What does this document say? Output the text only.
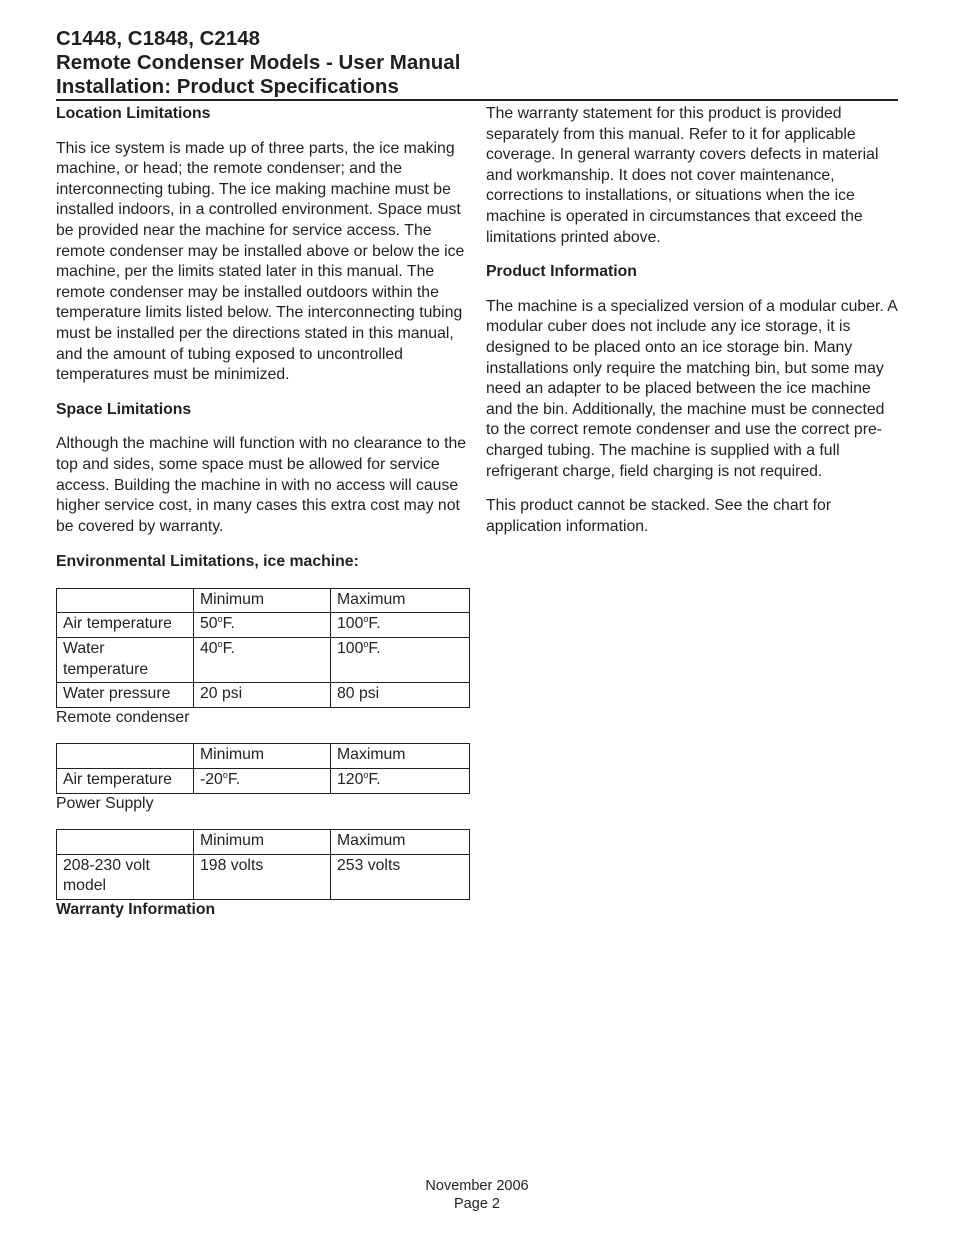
C1448, C1848, C2148
Remote Condenser Models - User Manual
Installation: Product Specifications

Location Limitations

This ice system is made up of three parts, the ice making machine, or head; the remote condenser; and the interconnecting tubing. The ice making machine must be installed indoors, in a controlled environment. Space must be provided near the machine for service access. The remote condenser may be installed above or below the ice machine, per the limits stated later in this manual. The remote condenser may be installed outdoors within the temperature limits listed below. The interconnecting tubing must be installed per the directions stated in this manual, and the amount of tubing exposed to uncontrolled temperatures must be minimized.

Space Limitations

Although the machine will function with no clearance to the top and sides, some space must be allowed for service access. Building the machine in with no access will cause higher service cost, in many cases this extra cost may not be covered by warranty.

Environmental Limitations, ice machine:

	Minimum	Maximum
Air temperature	50$^o$F.	100$^o$F.
Water temperature	40$^o$F.	100$^o$F.
Water pressure	20 psi	80 psi

Remote condenser

	Minimum	Maximum
Air temperature	-20$^o$F.	120$^o$F.

Power Supply

	Minimum	Maximum
208-230 volt model	198 volts	253 volts

Warranty Information

The warranty statement for this product is provided separately from this manual. Refer to it for applicable coverage. In general warranty covers defects in material and workmanship. It does not cover maintenance, corrections to installations, or situations when the ice machine is operated in circumstances that exceed the limitations printed above.

Product Information

The machine is a specialized version of a modular cuber. A modular cuber does not include any ice storage, it is designed to be placed onto an ice storage bin. Many installations only require the matching bin, but some may need an adapter to be placed between the ice machine and the bin. Additionally, the machine must be connected to the correct remote condenser and use the correct pre-charged tubing. The machine is supplied with a full refrigerant charge, field charging is not required.

This product cannot be stacked. See the chart for application information.

November 2006
Page 2
